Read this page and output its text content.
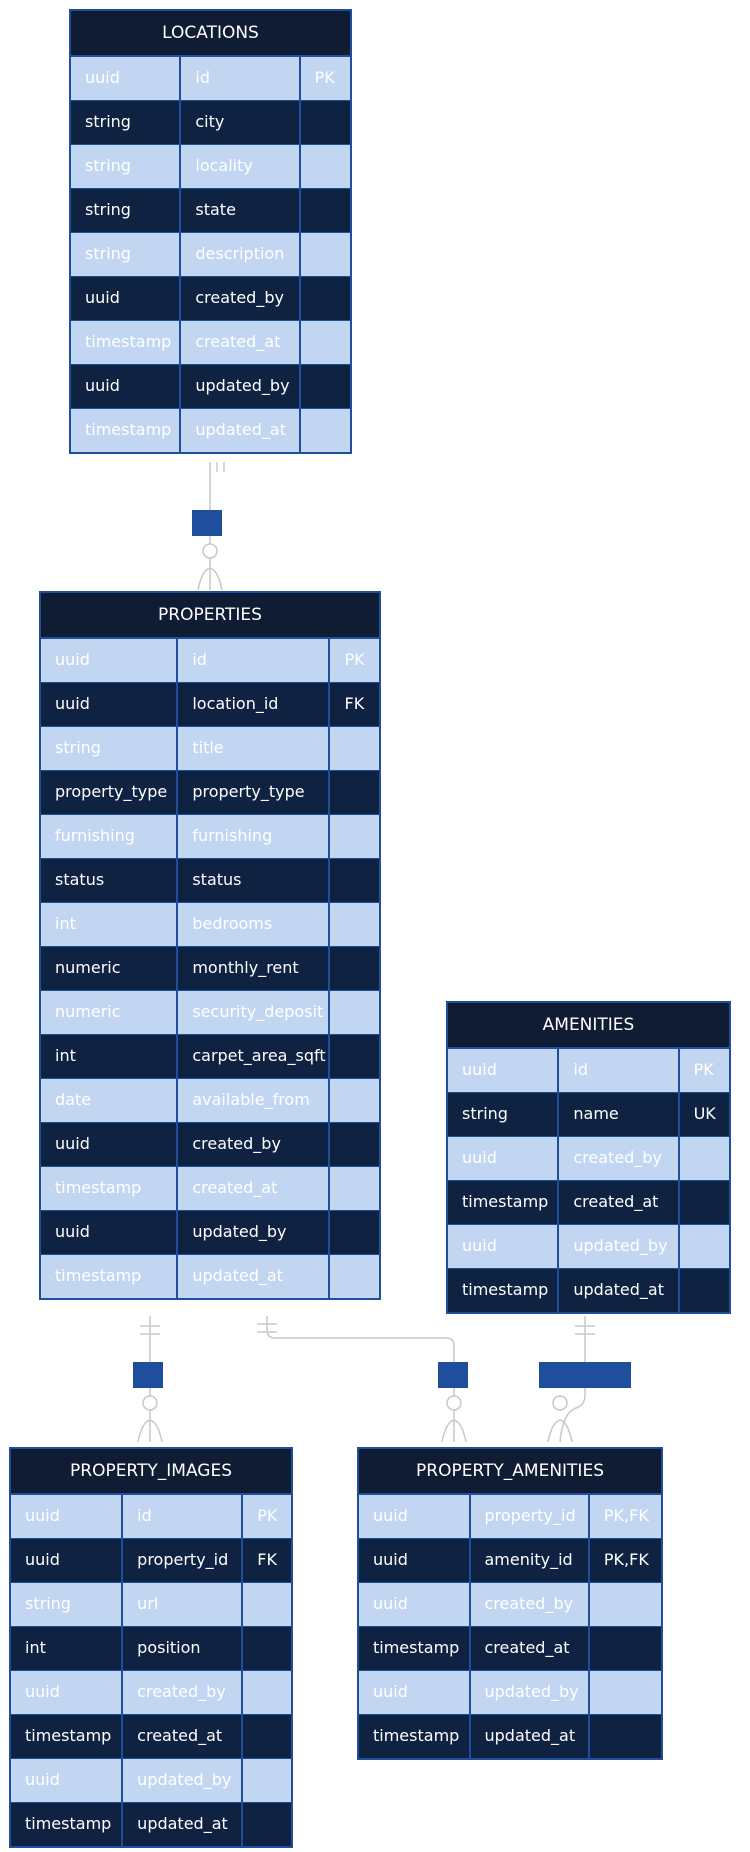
LOCATIONS
uuid	id	PK
string	city
string	locality
string	state
string	description
uuid	created_by
timestamp	created_at
uuid	updated_by
timestamp	updated_at
PROPERTIES
uuid	id	PK
uuid	location_id	FK
string	title
property_type	property_type
furnishing	furnishing
status	status
int	bedrooms
numeric	monthly_rent
numeric	security_deposit
int	carpet_area_sqft
date	available_from
uuid	created_by
timestamp	created_at
uuid	updated_by
timestamp	updated_at
AMENITIES
uuid	id	PK
string	name	UK
uuid	created_by
timestamp	created_at
uuid	updated_by
timestamp	updated_at
PROPERTY_IMAGES
uuid	id	PK
uuid	property_id	FK
string	url
int	position
uuid	created_by
timestamp	created_at
uuid	updated_by
timestamp	updated_at
PROPERTY_AMENITIES
uuid	property_id	PK,FK
uuid	amenity_id	PK,FK
uuid	created_by
timestamp	created_at
uuid	updated_by
timestamp	updated_at
